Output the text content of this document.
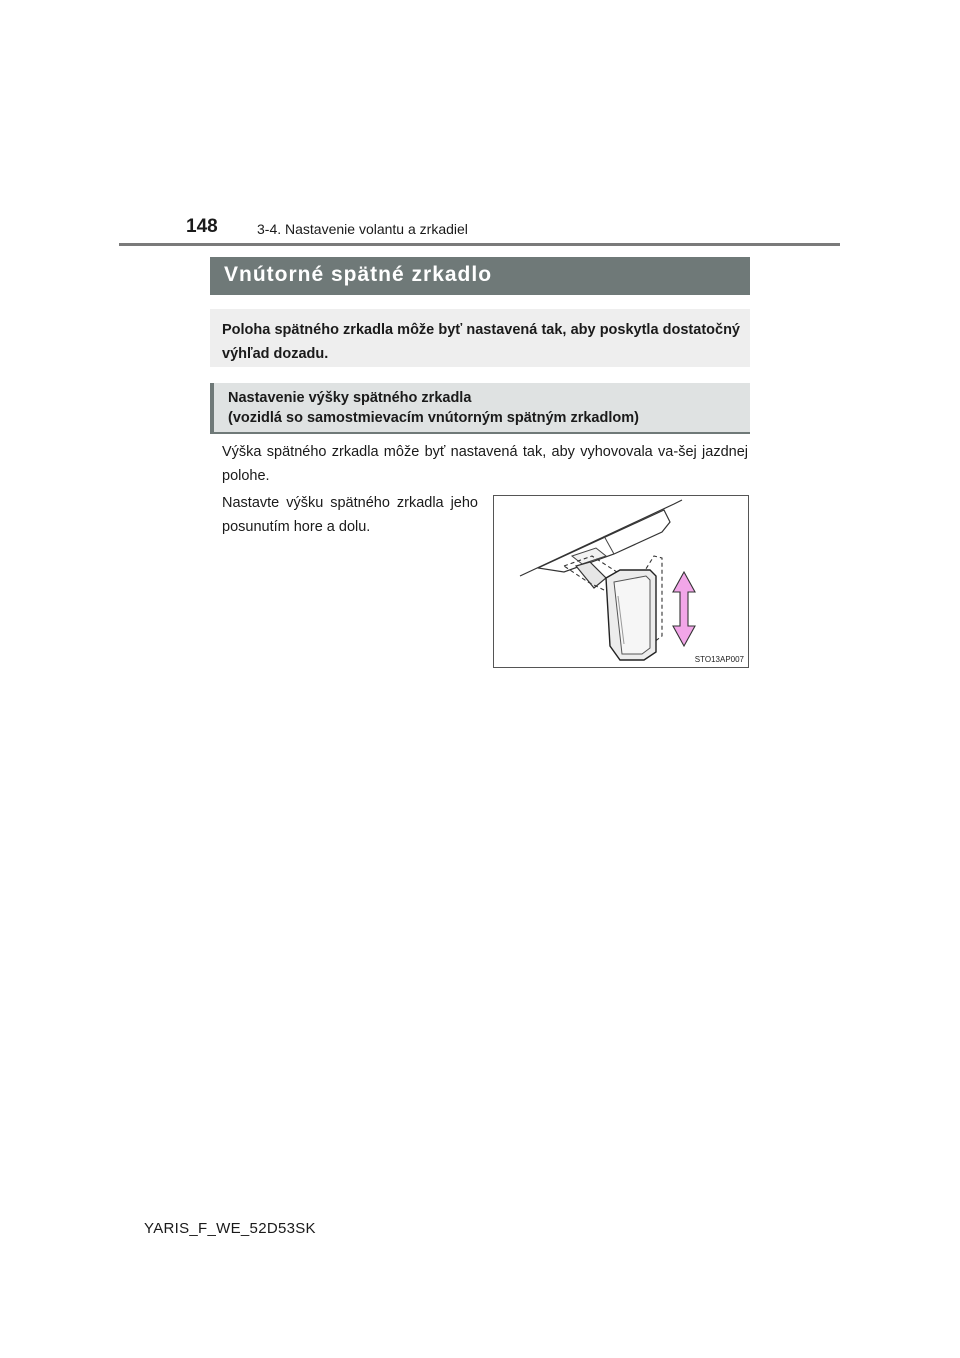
148	3-4. Nastavenie volantu a zrkadiel
Vnútorné spätné zrkadlo
Poloha spätného zrkadla môže byť nastavená tak, aby poskytla dostatočný výhľad dozadu.
Nastavenie výšky spätného zrkadla
(vozidlá so samostmievacím vnútorným spätným zrkadlom)
Výška spätného zrkadla môže byť nastavená tak, aby vyhovovala va-šej jazdnej polohe.
Nastavte výšku spätného zrkadla jeho posunutím hore a dolu.
STO13AP007
YARIS_F_WE_52D53SK
